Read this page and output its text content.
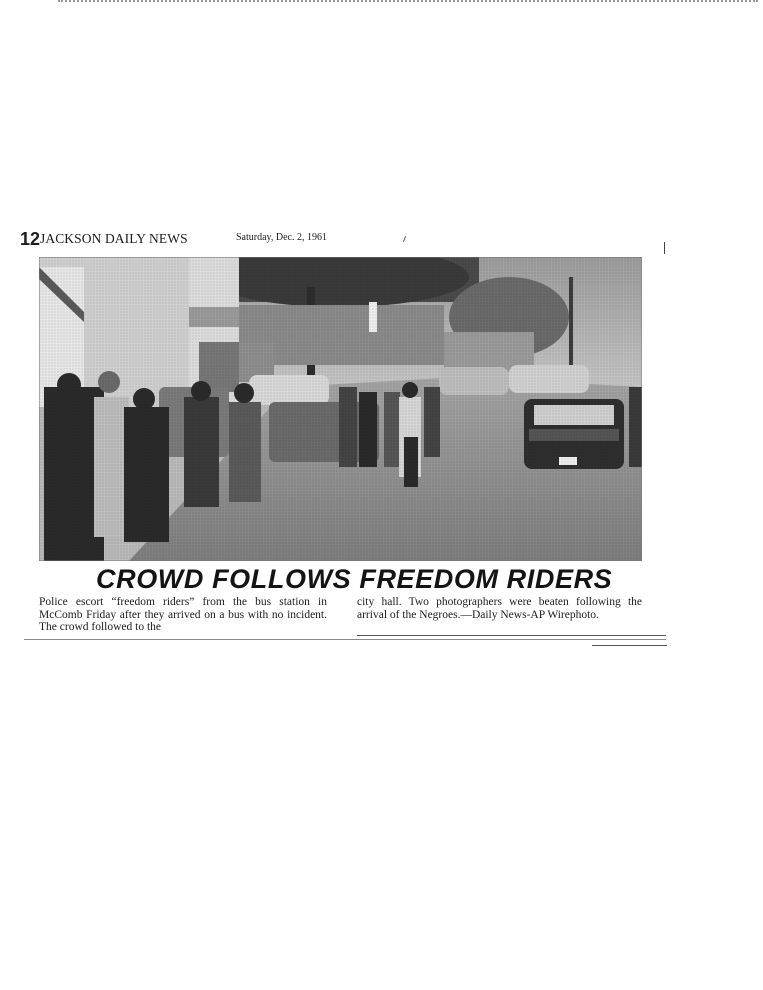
12 JACKSON DAILY NEWS	Saturday, Dec. 2, 1961
CROWD FOLLOWS FREEDOM RIDERS

Police escort “freedom riders” from the bus station in McComb Friday after they arrived on a bus with no incident. The crowd followed to the

city hall. Two photographers were beaten following the arrival of the Negroes.—Daily News-AP Wirephoto.
